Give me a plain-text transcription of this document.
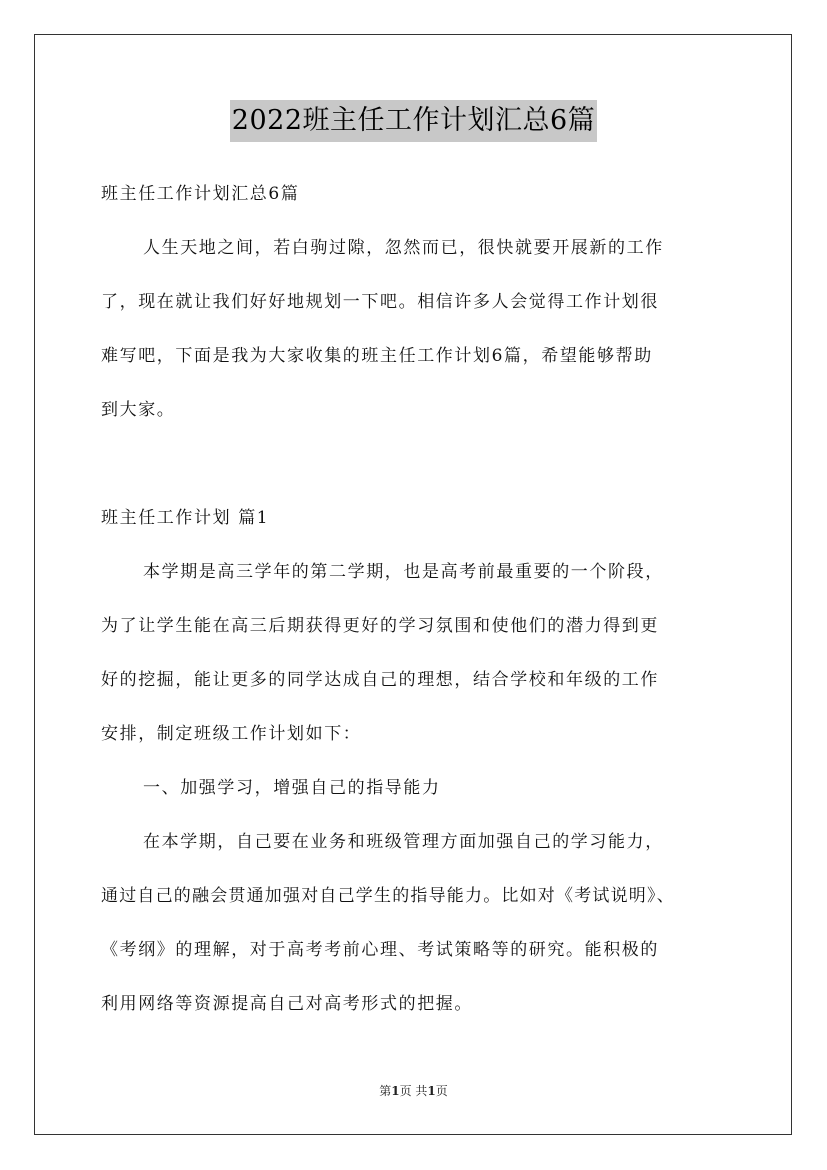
2022班主任工作计划汇总6篇
班主任工作计划汇总6篇
人生天地之间，若白驹过隙，忽然而已，很快就要开展新的工作
了，现在就让我们好好地规划一下吧。相信许多人会觉得工作计划很
难写吧，下面是我为大家收集的班主任工作计划6篇，希望能够帮助
到大家。
班主任工作计划 篇1
本学期是高三学年的第二学期，也是高考前最重要的一个阶段，
为了让学生能在高三后期获得更好的学习氛围和使他们的潜力得到更
好的挖掘，能让更多的同学达成自己的理想，结合学校和年级的工作
安排，制定班级工作计划如下：
一、加强学习，增强自己的指导能力
在本学期，自己要在业务和班级管理方面加强自己的学习能力，
通过自己的融会贯通加强对自己学生的指导能力。比如对《考试说明》、
《考纲》的理解，对于高考考前心理、考试策略等的研究。能积极的
利用网络等资源提高自己对高考形式的把握。
第1页 共1页
